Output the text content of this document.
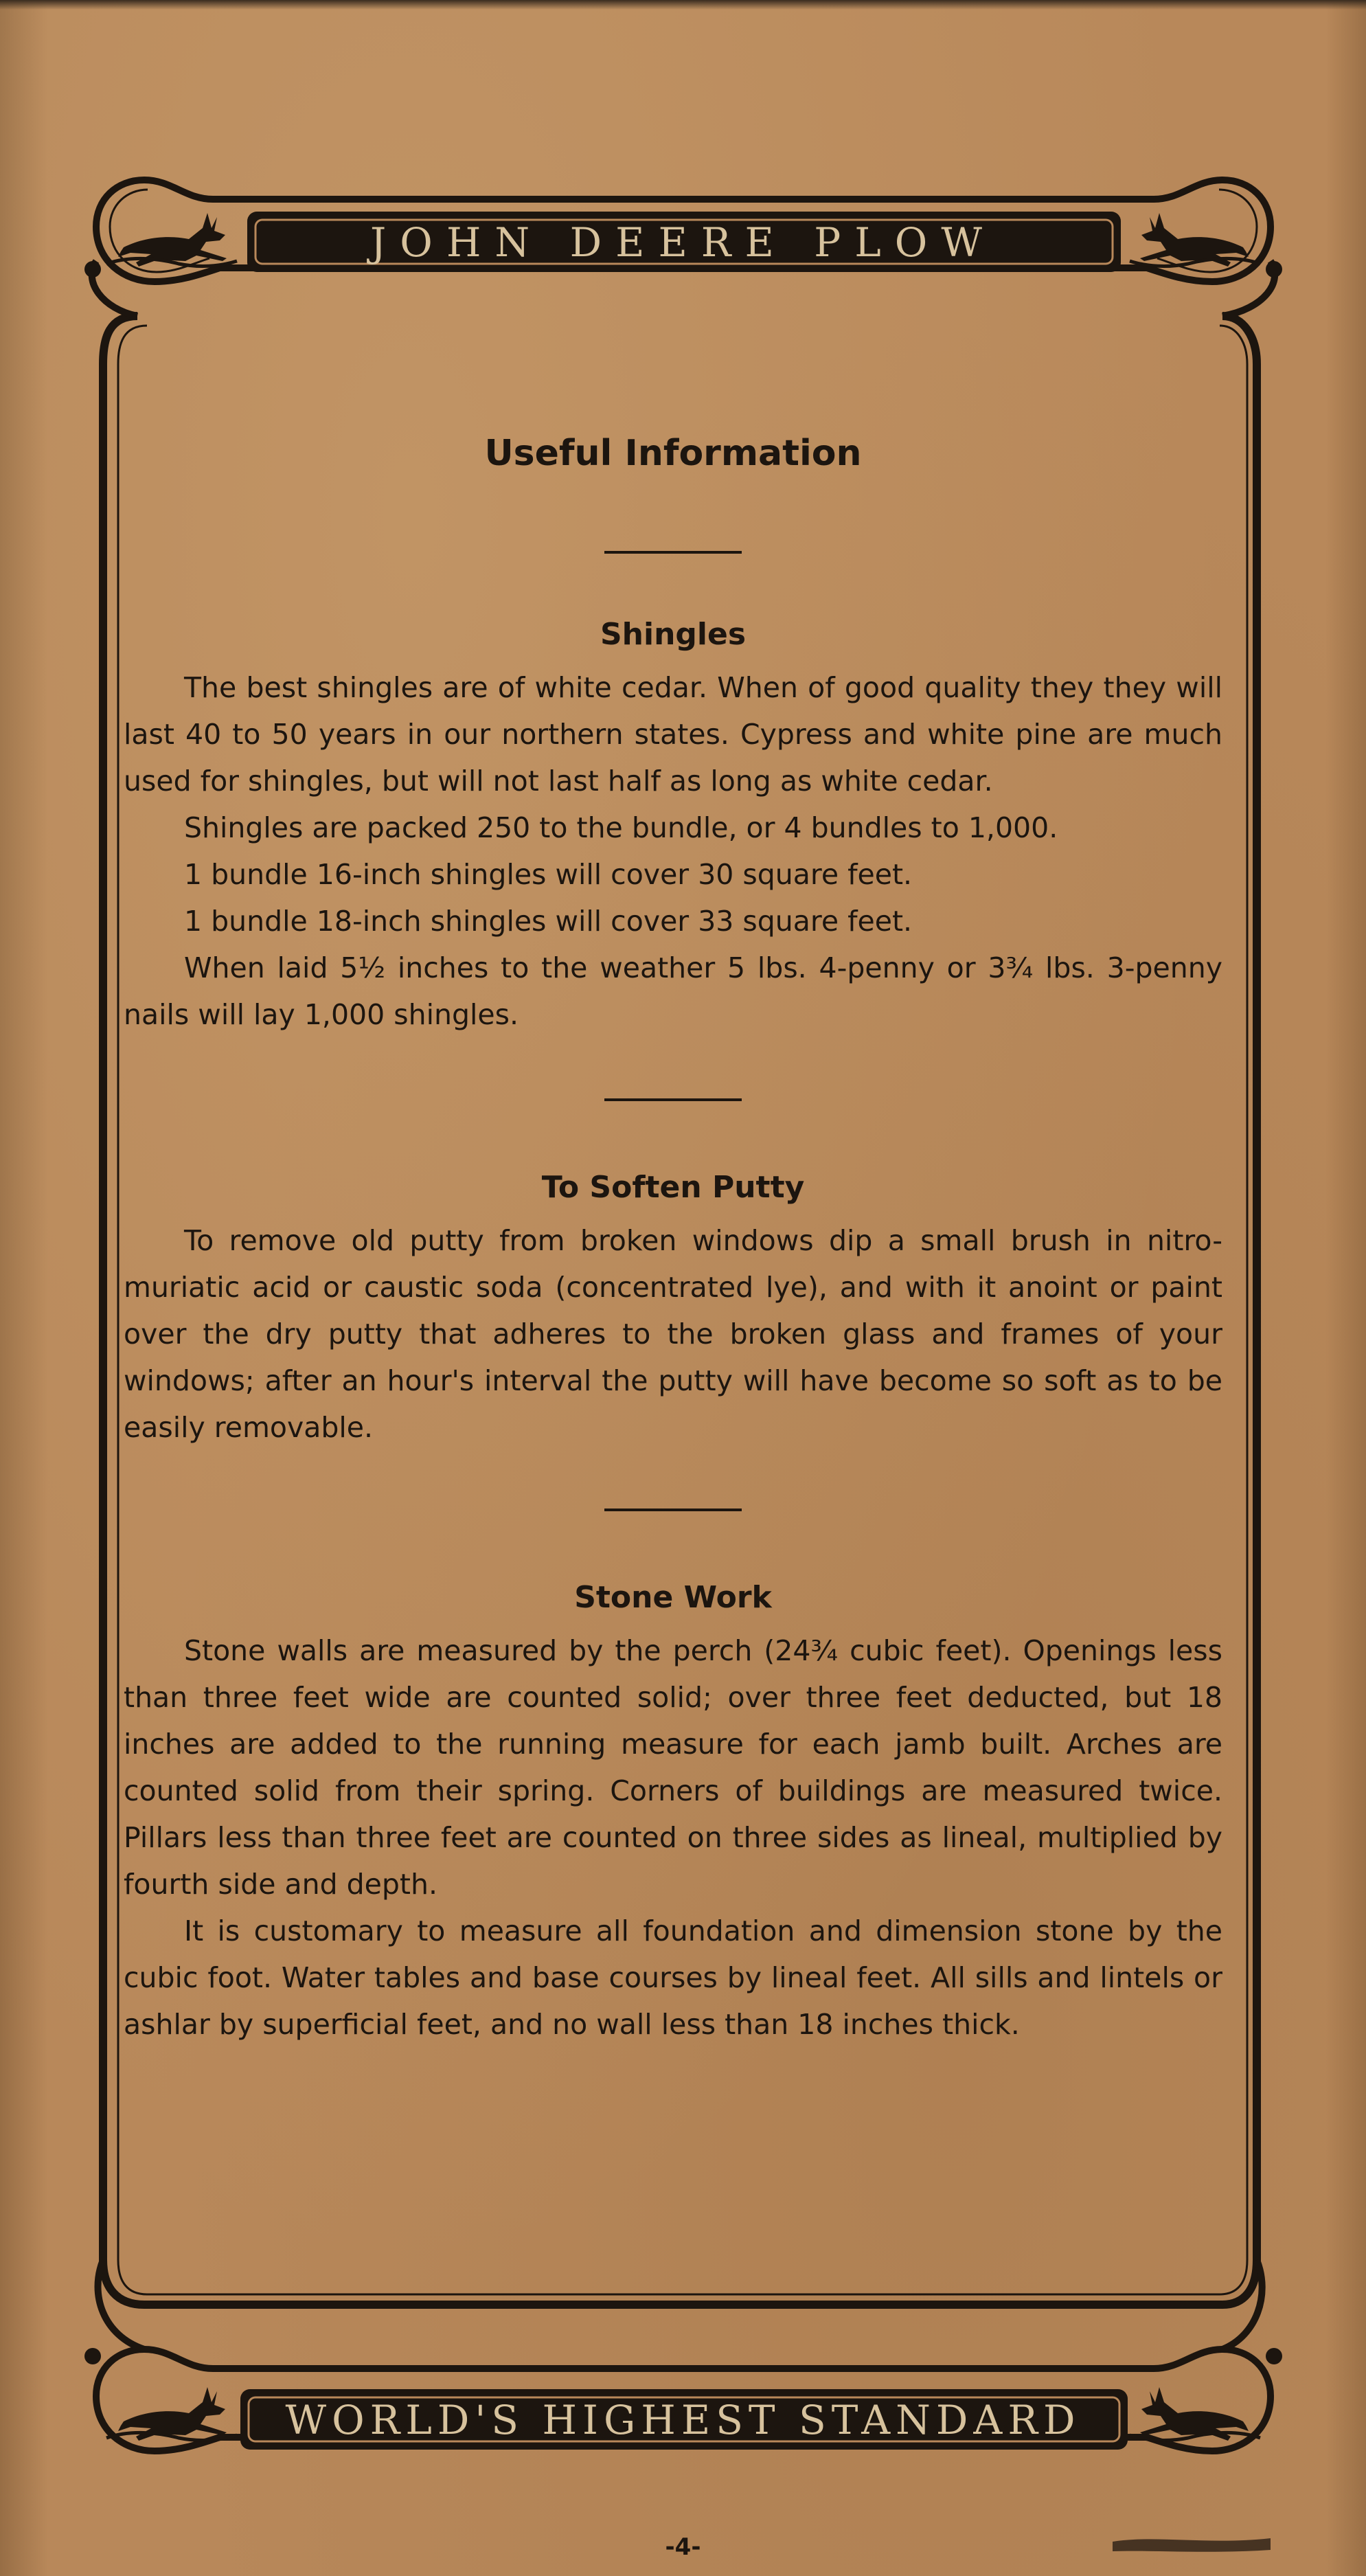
JOHN DEERE PLOW
Useful Information
Shingles

The best shingles are of white cedar. When of good quality they they will last 40 to 50 years in our northern states. Cypress and white pine are much used for shingles, but will not last half as long as white cedar.

Shingles are packed 250 to the bundle, or 4 bundles to 1,000.

1 bundle 16-inch shingles will cover 30 square feet.

1 bundle 18-inch shingles will cover 33 square feet.

When laid 5½ inches to the weather 5 lbs. 4-penny or 3¾ lbs. 3-penny nails will lay 1,000 shingles.

To Soften Putty

To remove old putty from broken windows dip a small brush in nitro-muriatic acid or caustic soda (concentrated lye), and with it anoint or paint over the dry putty that adheres to the broken glass and frames of your windows; after an hour's interval the putty will have become so soft as to be easily removable.

Stone Work

Stone walls are measured by the perch (24¾ cubic feet). Openings less than three feet wide are counted solid; over three feet deducted, but 18 inches are added to the running measure for each jamb built. Arches are counted solid from their spring. Corners of buildings are measured twice. Pillars less than three feet are counted on three sides as lineal, multiplied by fourth side and depth.

It is customary to measure all foundation and dimension stone by the cubic foot. Water tables and base courses by lineal feet. All sills and lintels or ashlar by superficial feet, and no wall less than 18 inches thick.

WORLD'S HIGHEST STANDARD
-4-
